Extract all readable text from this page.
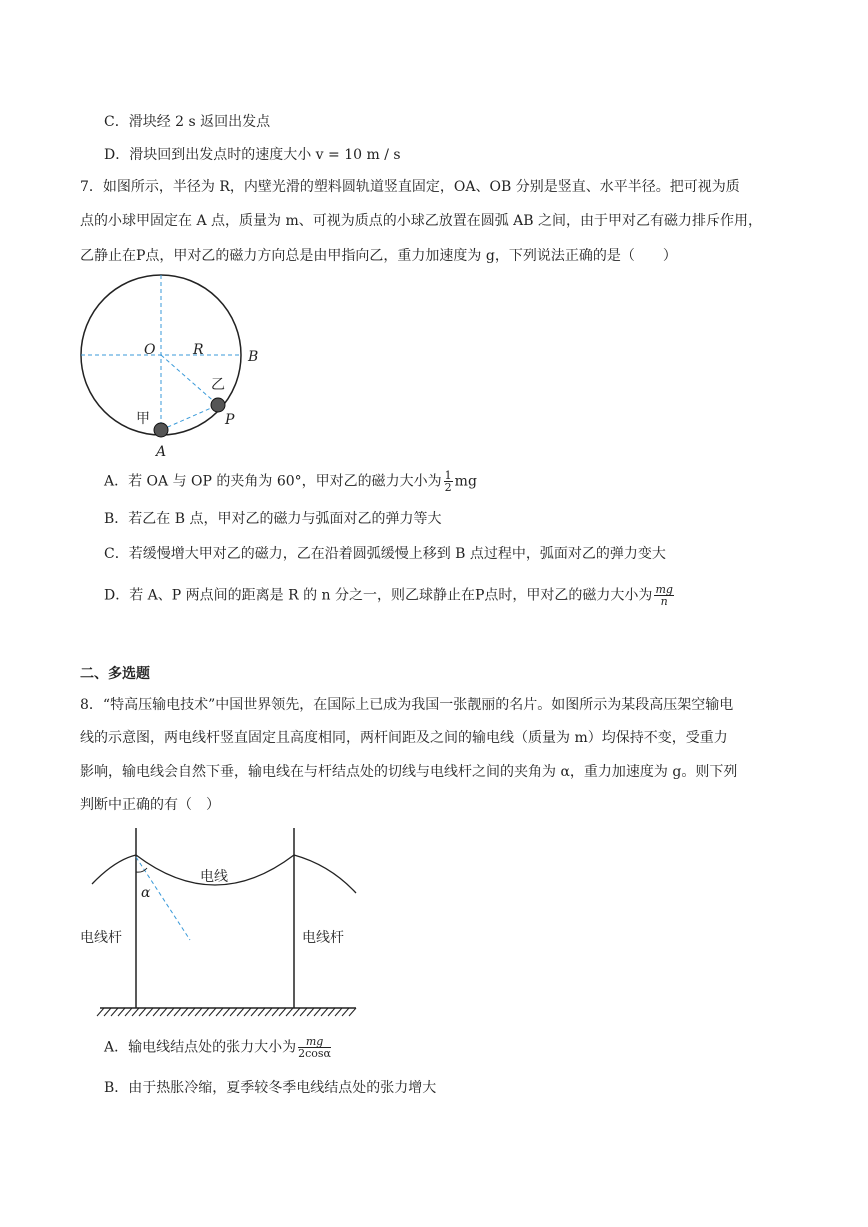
C．滑块经 2 s 返回出发点
D．滑块回到出发点时的速度大小 v = 10 m / s
7．如图所示，半径为 R，内壁光滑的塑料圆轨道竖直固定，OA、OB 分别是竖直、水平半径。把可视为质
点的小球甲固定在 A 点，质量为 m、可视为质点的小球乙放置在圆弧 AB 之间，由于甲对乙有磁力排斥作用，
乙静止在P点，甲对乙的磁力方向总是由甲指向乙，重力加速度为 g，下列说法正确的是（　　）
O	R	B
乙
P
甲
A
电线
α
电线杆	电线杆
A．若 OA 与 OP 的夹角为 60°，甲对乙的磁力大小为 $\frac{1}{2}$ mg
B．若乙在 B 点，甲对乙的磁力与弧面对乙的弹力等大
C．若缓慢增大甲对乙的磁力，乙在沿着圆弧缓慢上移到 B 点过程中，弧面对乙的弹力变大
D．若 A、P 两点间的距离是 R 的 n 分之一，则乙球静止在P点时，甲对乙的磁力大小为 $\frac{mg}{n}$
二、多选题
8．“特高压输电技术”中国世界领先，在国际上已成为我国一张靓丽的名片。如图所示为某段高压架空输电
线的示意图，两电线杆竖直固定且高度相同，两杆间距及之间的输电线（质量为 m）均保持不变，受重力
影响，输电线会自然下垂，输电线在与杆结点处的切线与电线杆之间的夹角为 α，重力加速度为 g。则下列
判断中正确的有（　）
A．输电线结点处的张力大小为 $\frac{mg}{2\cos\alpha}$
B．由于热胀冷缩，夏季较冬季电线结点处的张力增大
